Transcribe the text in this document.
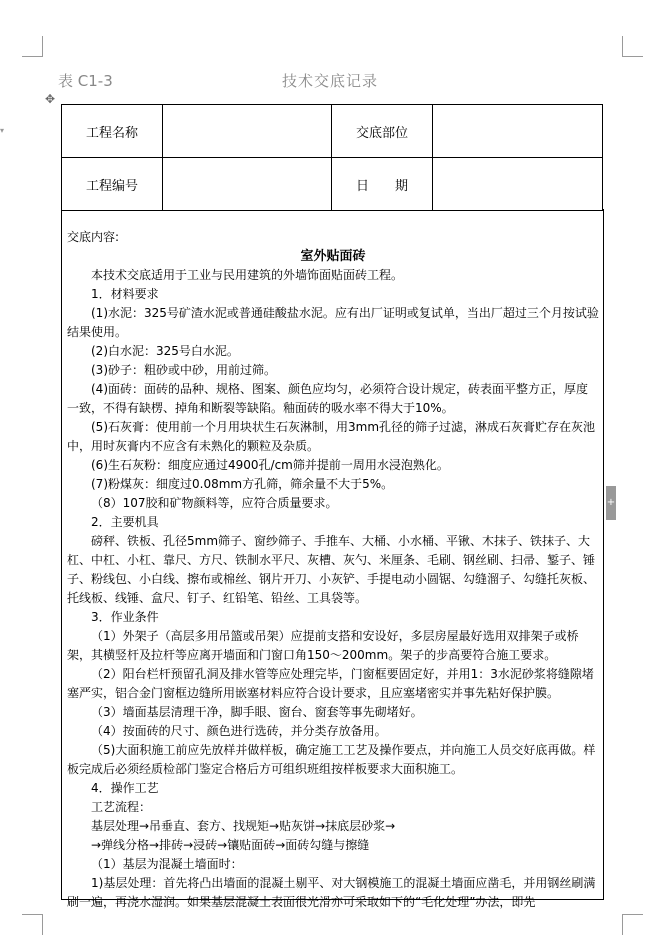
▾
+
表 C1-3	技术交底记录
✥
工程名称		交底部位	
工程编号		日　　期	

交底内容:

室外贴面砖

本技术交底适用于工业与民用建筑的外墙饰面贴面砖工程。

1．材料要求

(1)水泥：325号矿渣水泥或普通硅酸盐水泥。应有出厂证明或复试单，当出厂超过三个月按试验结果使用。

(2)白水泥：325号白水泥。

(3)砂子：粗砂或中砂，用前过筛。

(4)面砖：面砖的品种、规格、图案、颜色应均匀，必须符合设计规定，砖表面平整方正，厚度一致，不得有缺楞、掉角和断裂等缺陷。釉面砖的吸水率不得大于10%。

(5)石灰膏：使用前一个月用块状生石灰淋制，用3mm孔径的筛子过滤，淋成石灰膏贮存在灰池中，用时灰膏内不应含有未熟化的颗粒及杂质。

(6)生石灰粉：细度应通过4900孔/cm筛并提前一周用水浸泡熟化。

(7)粉煤灰：细度过0.08mm方孔筛，筛余量不大于5%。

（8）107胶和矿物颜料等，应符合质量要求。

2．主要机具

磅秤、铁板、孔径5mm筛子、窗纱筛子、手推车、大桶、小水桶、平锹、木抹子、铁抹子、大杠、中杠、小杠、靠尺、方尺、铁制水平尺、灰槽、灰勺、米厘条、毛刷、钢丝刷、扫帚、錾子、锤子、粉线包、小白线、擦布或棉丝、钢片开刀、小灰铲、手提电动小圆锯、勾缝溜子、勾缝托灰板、托线板、线锤、盒尺、钉子、红铅笔、铅丝、工具袋等。

3．作业条件

（1）外架子（高层多用吊篮或吊架）应提前支搭和安设好，多层房屋最好选用双排架子或桥架，其横竖杆及拉杆等应离开墙面和门窗口角150～200mm。架子的步高要符合施工要求。

（2）阳台栏杆预留孔洞及排水管等应处理完毕，门窗框要固定好，并用1：3水泥砂浆将缝隙堵塞严实，铝合金门窗框边缝所用嵌塞材料应符合设计要求，且应塞堵密实并事先粘好保护膜。

（3）墙面基层清理干净，脚手眼、窗台、窗套等事先砌堵好。

（4）按面砖的尺寸、颜色进行选砖，并分类存放备用。

（5)大面积施工前应先放样并做样板，确定施工工艺及操作要点，并向施工人员交好底再做。样板完成后必须经质检部门鉴定合格后方可组织班组按样板要求大面积施工。

4．操作工艺

工艺流程：

基层处理→吊垂直、套方、找规矩→贴灰饼→抹底层砂浆→

→弹线分格→排砖→浸砖→镶贴面砖→面砖勾缝与擦缝

（1）基层为混凝土墙面时：

1)基层处理：首先将凸出墙面的混凝土剔平、对大钢模施工的混凝土墙面应凿毛，并用钢丝刷满刷一遍，再浇水湿润。如果基层混凝土表面很光滑亦可采取如下的“毛化处理”办法，即先
